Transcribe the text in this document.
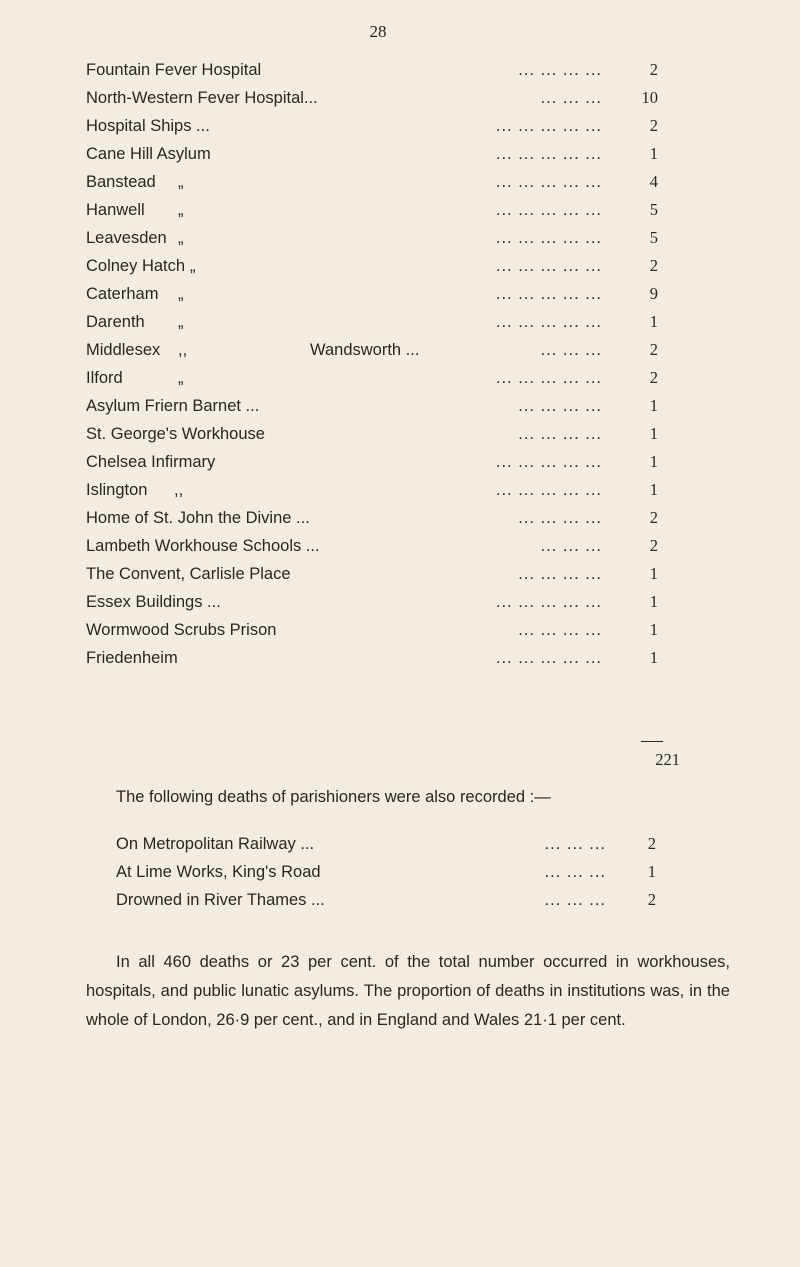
28
Fountain Fever Hospital	... ... ... ...	2
North-Western Fever Hospital...	... ... ...	10
Hospital Ships ...	... ... ... ... ...	2
Cane Hill Asylum	... ... ... ... ...	1
Banstead „	... ... ... ... ...	4
Hanwell „	... ... ... ... ...	5
Leavesden „	... ... ... ... ...	5
Colney Hatch „	... ... ... ... ...	2
Caterham „	... ... ... ... ...	9
Darenth „	... ... ... ... ...	1
Middlesex ,,	Wandsworth ...	... ... ...	2
Ilford	„	... ... ... ... ...	2
Asylum Friern Barnet ...	... ... ... ...	1
St. George's Workhouse	... ... ... ...	1
Chelsea Infirmary	... ... ... ... ...	1
Islington ,,	... ... ... ... ...	1
Home of St. John the Divine ...	... ... ... ...	2
Lambeth Workhouse Schools ...	... ... ...	2
The Convent, Carlisle Place	... ... ... ...	1
Essex Buildings ...	... ... ... ... ...	1
Wormwood Scrubs Prison	... ... ... ...	1
Friedenheim	... ... ... ... ...	1
221
The following deaths of parishioners were also recorded :—
On Metropolitan Railway ...	... ... ...	2
At Lime Works, King's Road	... ... ...	1
Drowned in River Thames ...	... ... ...	2

In all 460 deaths or 23 per cent. of the total number occurred in workhouses, hospitals, and public lunatic asylums. The proportion of deaths in institutions was, in the whole of London, 26·9 per cent., and in England and Wales 21·1 per cent.
